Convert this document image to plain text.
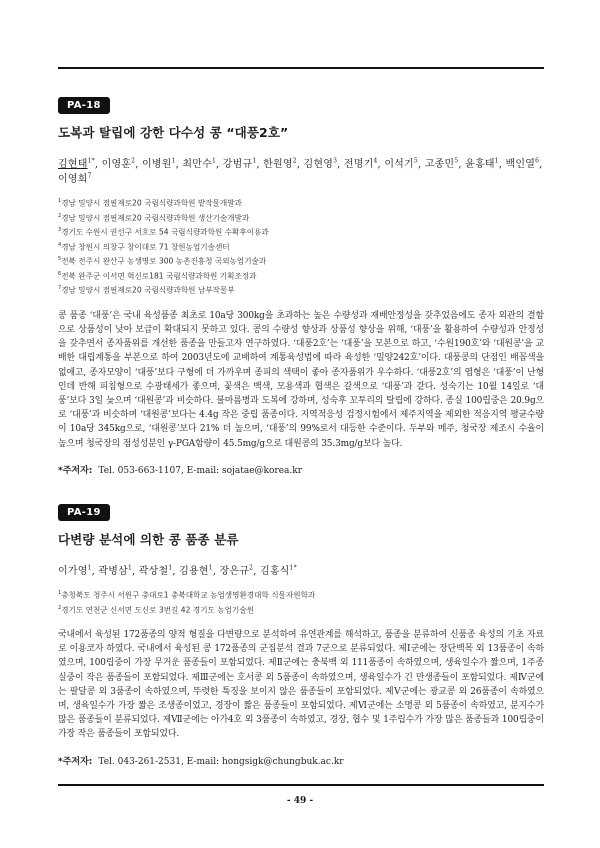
PA-18
도복과 탈립에 강한 다수성 콩 “대풍2호”
김현태$^{1*}$, 이영훈$^2$, 이병원$^1$, 최만수$^1$, 강범규$^1$, 한원영$^2$, 김현영$^3$, 전명기$^4$, 이석기$^5$, 고종민$^5$, 윤홍태$^1$, 백인열$^6$, 이영희$^7$
$^1$경남 밀양시 점필재로20 국립식량과학원 밭작물개발과
$^2$경남 밀양시 점필재로20 국립식량과학원 생산기술개발과
$^3$경기도 수원시 권선구 서호로 54 국립식량과학원 수확후이용과
$^4$경남 창원시 의창구 창이대로 71 창원농업기술센터
$^5$전북 전주시 완산구 농생명로 300 농촌진흥청 국외농업기술과
$^6$전북 완주군 이서면 혁신로181 국립식량과학원 기획조정과
$^7$경남 밀양시 점필재로20 국립식량과학원 남부작물부
콩 품종 ‘대풍’은 국내 육성품종 최초로 10a당 300kg을 초과하는 높은 수량성과 재배안정성을 갖추었음에도 종자 외관의 결함으로 상품성이 낮아 보급이 확대되지 못하고 있다. 콩의 수량성 향상과 상품성 향상을 위해, ‘대풍’을 활용하여 수량성과 안정성을 갖추면서 종자품위를 개선한 품종을 만들고자 연구하였다. ‘대풍2호’는 ‘대풍’을 모본으로 하고, ‘수원190호’와 ‘대원콩’을 교배한 대립계통을 부본으로 하여 2003년도에 교배하여 계통육성법에 따라 육성한 ‘밀양242호’이다. 대풍콩의 단점인 배꼽색을 없애고, 종자모양이 ‘대풍’보다 구형에 더 가까우며 종피의 색택이 좋아 종자품위가 우수하다. ‘대풍2호’의 엽형은 ‘대풍’이 난형인데 반해 피침형으로 수광태세가 좋으며, 꽃색은 백색, 모용색과 협색은 갈색으로 ‘대풍’과 같다. 성숙기는 10월 14일로 ‘대풍’보다 3일 늦으며 ‘대원콩’과 비슷하다. 불마름병과 도복에 강하며, 성숙후 꼬투리의 탈립에 강하다. 종실 100립중은 20.9g으로 ‘대풍’과 비슷하며 ‘대원콩’보다는 4.4g 작은 중립 품종이다. 지역적응성 검정시험에서 제주지역을 제외한 적응지역 평균수량이 10a당 345kg으로, ‘대원콩’보다 21% 더 높으며, ‘대풍’의 99%로서 대등한 수준이다. 두부와 메주, 청국장 제조시 수율이 높으며 청국장의 점성성분인 γ-PGA함량이 45.5mg/g으로 대원콩의 35.3mg/g보다 높다.
*주저자: Tel. 053-663-1107, E-mail: sojatae@korea.kr
PA-19
다변량 분석에 의한 콩 품종 분류
이가영$^1$, 곽병삼$^1$, 곽상철$^1$, 김용현$^1$, 장은규$^2$, 김홍식$^{1*}$
$^1$충청북도 청주시 서원구 충대로1 충북대학교 농업생명환경대학 식물자원학과
$^2$경기도 연천군 신서면 도신로 3번길 42 경기도 농업기술원
국내에서 육성된 172품종의 양적 형질을 다변량으로 분석하여 유연관계를 해석하고, 품종을 분류하여 신품종 육성의 기초 자료로 이용코자 하였다. 국내에서 육성된 콩 172품종의 군집분석 결과 7군으로 분류되었다. 제Ⅰ군에는 장단백목 외 13품종이 속하였으며, 100립중이 가장 무거운 품종들이 포함되었다. 제Ⅱ군에는 충북백 외 111품종이 속하였으며, 생육일수가 짧으며, 1주종실중이 작은 품종들이 포함되었다. 제Ⅲ군에는 호서콩 외 5품종이 속하였으며, 생육일수가 긴 만생종들이 포함되었다. 제Ⅳ군에는 팔달콩 외 3품종이 속하였으며, 뚜렷한 특징을 보이지 않은 품종들이 포함되었다. 제Ⅴ군에는 광교콩 외 26품종이 속하였으며, 생육일수가 가장 짧은 조생종이었고, 경장이 짧은 품종들이 포함되었다. 제Ⅵ군에는 소명콩 외 5품종이 속하였고, 분지수가 많은 품종들이 분류되었다. 제Ⅶ군에는 아가4호 외 3품종이 속하였고, 경장, 협수 및 1주립수가 가장 많은 품종들과 100립중이 가장 작은 품종들이 포함되었다.
*주저자: Tel. 043-261-2531, E-mail: hongsigk@chungbuk.ac.kr
- 49 -
